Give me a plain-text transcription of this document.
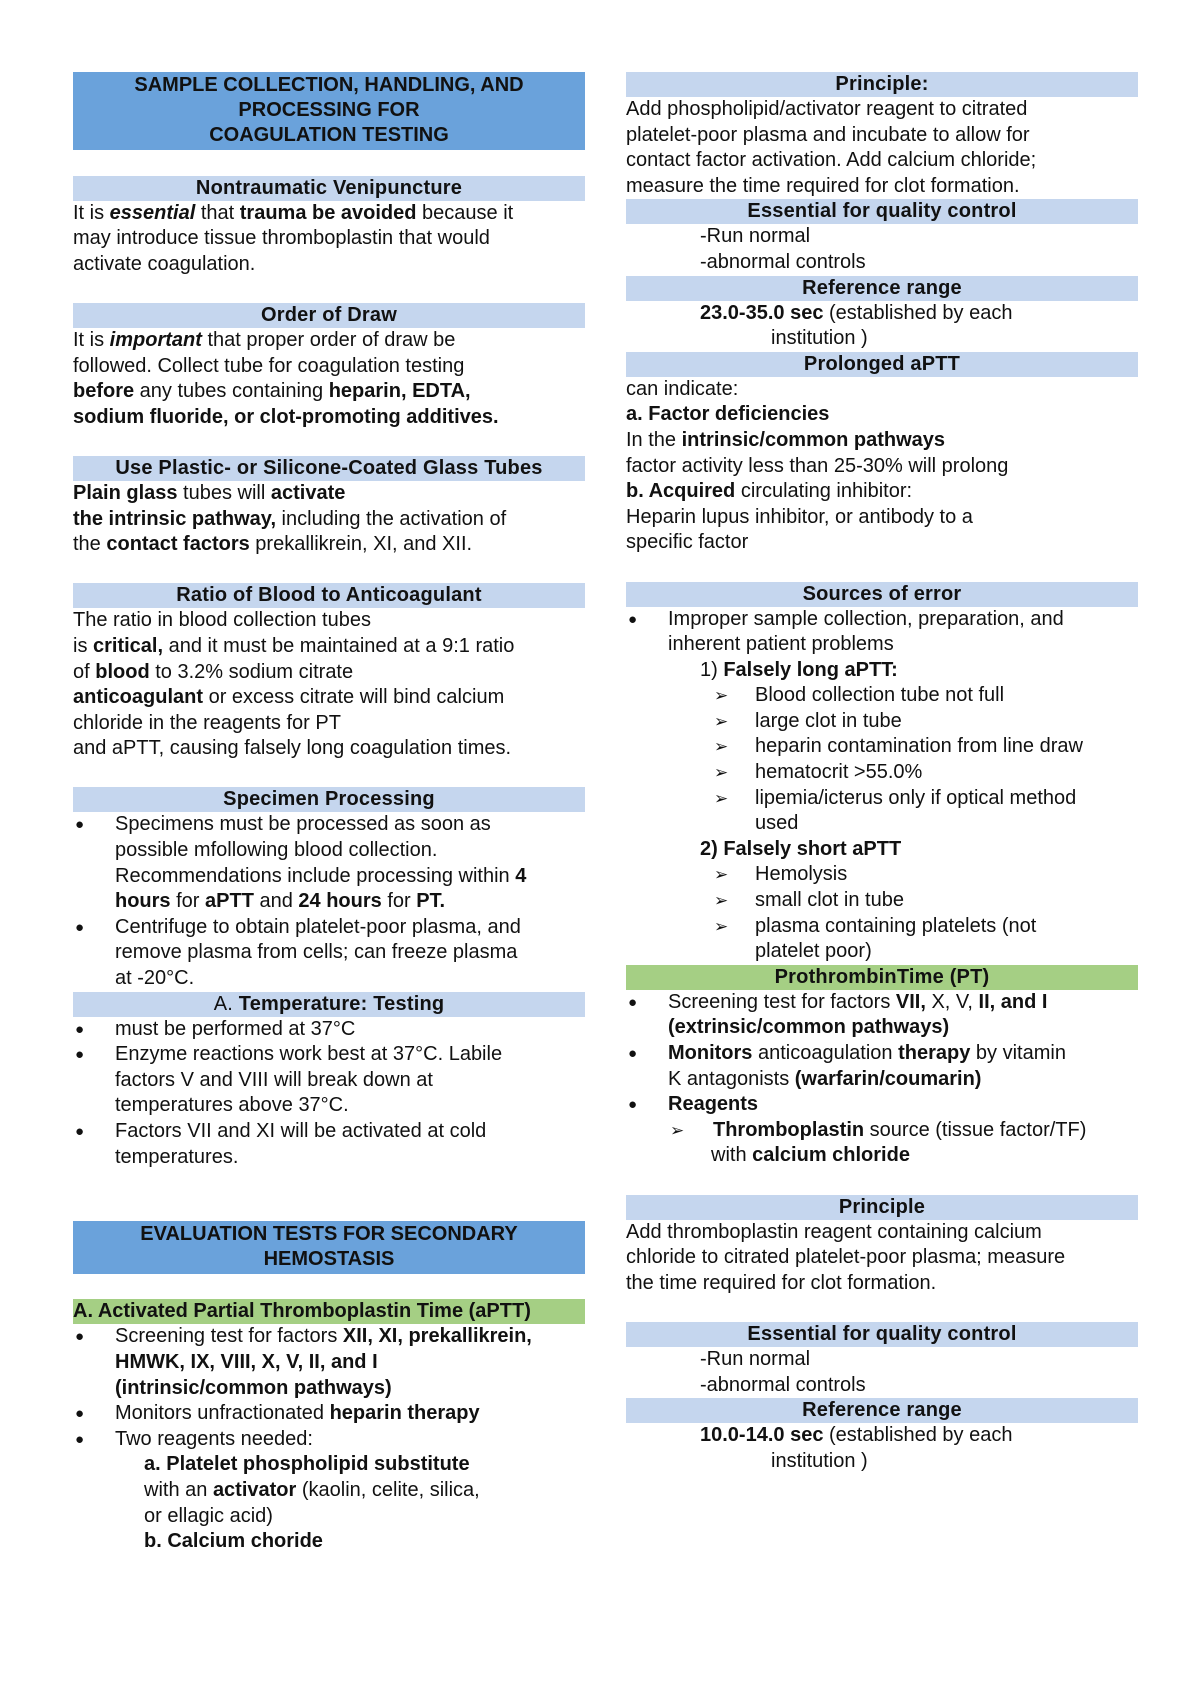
SAMPLE COLLECTION, HANDLING, AND
PROCESSING FOR
COAGULATION TESTING
Nontraumatic Venipuncture
It is essential that trauma be avoided because it
may introduce tissue thromboplastin that would
activate coagulation.
Order of Draw
It is important that proper order of draw be
followed. Collect tube for coagulation testing
before any tubes containing heparin, EDTA,
sodium fluoride, or clot-promoting additives.
Use Plastic- or Silicone-Coated Glass Tubes
Plain glass tubes will activate
the intrinsic pathway, including the activation of
the contact factors prekallikrein, XI, and XII.
Ratio of Blood to Anticoagulant
The ratio in blood collection tubes
is critical, and it must be maintained at a 9:1 ratio
of blood to 3.2% sodium citrate
anticoagulant or excess citrate will bind calcium
chloride in the reagents for PT
and aPTT, causing falsely long coagulation times.
Specimen Processing
● Specimens must be processed as soon as
possible mfollowing blood collection.
Recommendations include processing within 4
hours for aPTT and 24 hours for PT.
● Centrifuge to obtain platelet-poor plasma, and
remove plasma from cells; can freeze plasma
at -20°C.
A. Temperature: Testing
● must be performed at 37°C
● Enzyme reactions work best at 37°C. Labile
factors V and VIII will break down at
temperatures above 37°C.
● Factors VII and XI will be activated at cold
temperatures.
EVALUATION TESTS FOR SECONDARY
HEMOSTASIS
A. Activated Partial Thromboplastin Time (aPTT)
● Screening test for factors XII, XI, prekallikrein,
HMWK, IX, VIII, X, V, II, and I
(intrinsic/common pathways)
● Monitors unfractionated heparin therapy
● Two reagents needed:
a. Platelet phospholipid substitute
with an activator (kaolin, celite, silica,
or ellagic acid)
b. Calcium choride
Principle:
Add phospholipid/activator reagent to citrated
platelet-poor plasma and incubate to allow for
contact factor activation. Add calcium chloride;
measure the time required for clot formation.
Essential for quality control
-Run normal
-abnormal controls
Reference range
23.0-35.0 sec (established by each
institution )
Prolonged aPTT
can indicate:
a. Factor deficiencies
In the intrinsic/common pathways
factor activity less than 25-30% will prolong
b. Acquired circulating inhibitor:
Heparin lupus inhibitor, or antibody to a
specific factor
Sources of error
● Improper sample collection, preparation, and
inherent patient problems
1) Falsely long aPTT:
➢ Blood collection tube not full
➢ large clot in tube
➢ heparin contamination from line draw
➢ hematocrit >55.0%
➢ lipemia/icterus only if optical method
used
2) Falsely short aPTT
➢ Hemolysis
➢ small clot in tube
➢ plasma containing platelets (not
platelet poor)
ProthrombinTime (PT)
● Screening test for factors VII, X, V, II, and I
(extrinsic/common pathways)
● Monitors anticoagulation therapy by vitamin
K antagonists (warfarin/coumarin)
● Reagents
➢ Thromboplastin source (tissue factor/TF)
with calcium chloride
Principle
Add thromboplastin reagent containing calcium
chloride to citrated platelet-poor plasma; measure
the time required for clot formation.
Essential for quality control
-Run normal
-abnormal controls
Reference range
10.0-14.0 sec (established by each
institution )
